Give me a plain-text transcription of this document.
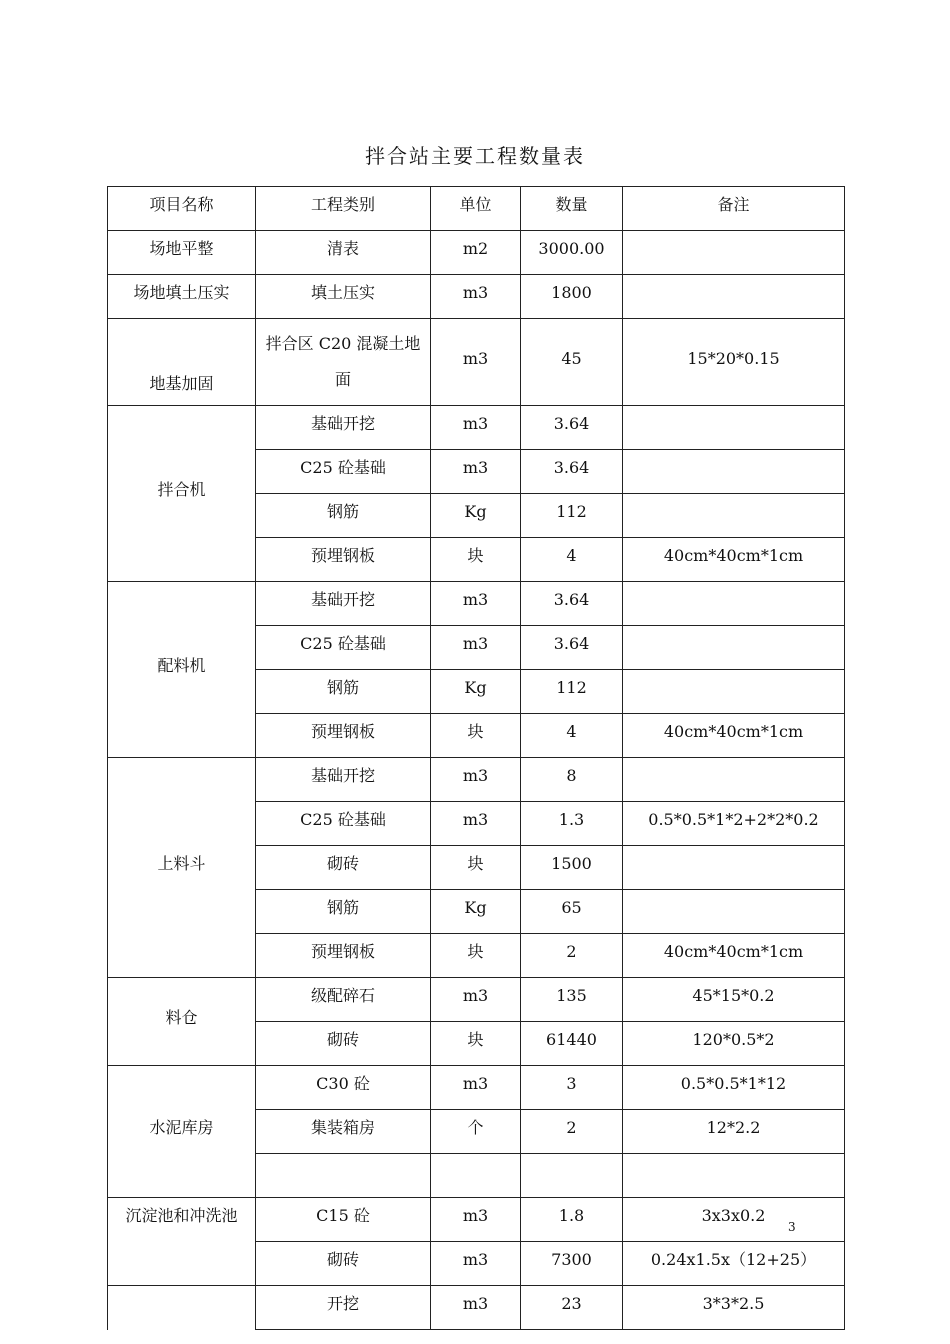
拌合站主要工程数量表
项目名称	工程类别	单位	数量	备注
场地平整	清表	m2	3000.00	
场地填土压实	填土压实	m3	1800	
地基加固	拌合区 C20 混凝土地面	m3	45	15*20*0.15
拌合机	基础开挖	m3	3.64	
	C25 砼基础	m3	3.64	
	钢筋	Kg	112	
	预埋钢板	块	4	40cm*40cm*1cm
配料机	基础开挖	m3	3.64	
	C25 砼基础	m3	3.64	
	钢筋	Kg	112	
	预埋钢板	块	4	40cm*40cm*1cm
上料斗	基础开挖	m3	8	
	C25 砼基础	m3	1.3	0.5*0.5*1*2+2*2*0.2
	砌砖	块	1500	
	钢筋	Kg	65	
	预埋钢板	块	2	40cm*40cm*1cm
料仓	级配碎石	m3	135	45*15*0.2
	砌砖	块	61440	120*0.5*2
水泥库房	C30 砼	m3	3	0.5*0.5*1*12
	集装箱房	个	2	12*2.2

沉淀池和冲洗池	C15 砼	m3	1.8	3x3x0.2
	砌砖	m3	7300	0.24x1.5x（12+25）
	开挖	m3	23	3*3*2.5
3
